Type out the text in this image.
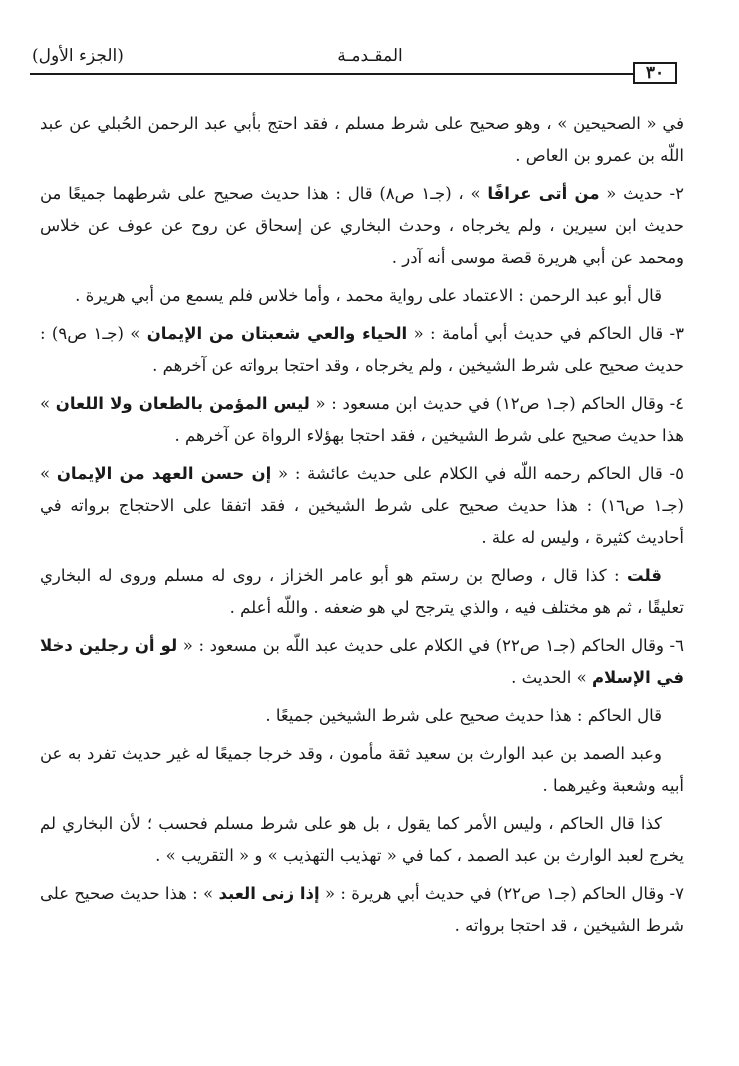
(الجزء الأول)	المقـدمـة
٣٠
في « الصحيحين » ، وهو صحيح على شرط مسلم ، فقد احتج بأبي عبد الرحمن الحُبلي عن عبد اللّه بن عمرو بن العاص .
٢- حديث « من أتى عرافًا » ، (جـ١ ص٨) قال : هذا حديث صحيح على شرطهما جميعًا من حديث ابن سيرين ، ولم يخرجاه ، وحدث البخاري عن إسحاق عن روح عن عوف عن خلاس ومحمد عن أبي هريرة قصة موسى أنه آدر .
قال أبو عبد الرحمن : الاعتماد على رواية محمد ، وأما خلاس فلم يسمع من أبي هريرة .
٣- قال الحاكم في حديث أبي أمامة : « الحياء والعي شعبتان من الإيمان » (جـ١ ص٩) : حديث صحيح على شرط الشيخين ، ولم يخرجاه ، وقد احتجا برواته عن آخرهم .
٤- وقال الحاكم (جـ١ ص١٢) في حديث ابن مسعود : « ليس المؤمن بالطعان ولا اللعان » هذا حديث صحيح على شرط الشيخين ، فقد احتجا بهؤلاء الرواة عن آخرهم .
٥- قال الحاكم رحمه اللّه في الكلام على حديث عائشة : « إن حسن العهد من الإيمان » (جـ١ ص١٦) : هذا حديث صحيح على شرط الشيخين ، فقد اتفقا على الاحتجاج برواته في أحاديث كثيرة ، وليس له علة .
قلت : كذا قال ، وصالح بن رستم هو أبو عامر الخزاز ، روى له مسلم وروى له البخاري تعليقًا ، ثم هو مختلف فيه ، والذي يترجح لي هو ضعفه . واللّه أعلم .
٦- وقال الحاكم (جـ١ ص٢٢) في الكلام على حديث عبد اللّه بن مسعود : « لو أن رجلين دخلا في الإسلام » الحديث .
قال الحاكم : هذا حديث صحيح على شرط الشيخين جميعًا .
وعبد الصمد بن عبد الوارث بن سعيد ثقة مأمون ، وقد خرجا جميعًا له غير حديث تفرد به عن أبيه وشعبة وغيرهما .
كذا قال الحاكم ، وليس الأمر كما يقول ، بل هو على شرط مسلم فحسب ؛ لأن البخاري لم يخرج لعبد الوارث بن عبد الصمد ، كما في « تهذيب التهذيب » و « التقريب » .
٧- وقال الحاكم (جـ١ ص٢٢) في حديث أبي هريرة : « إذا زنى العبد » : هذا حديث صحيح على شرط الشيخين ، قد احتجا برواته .
